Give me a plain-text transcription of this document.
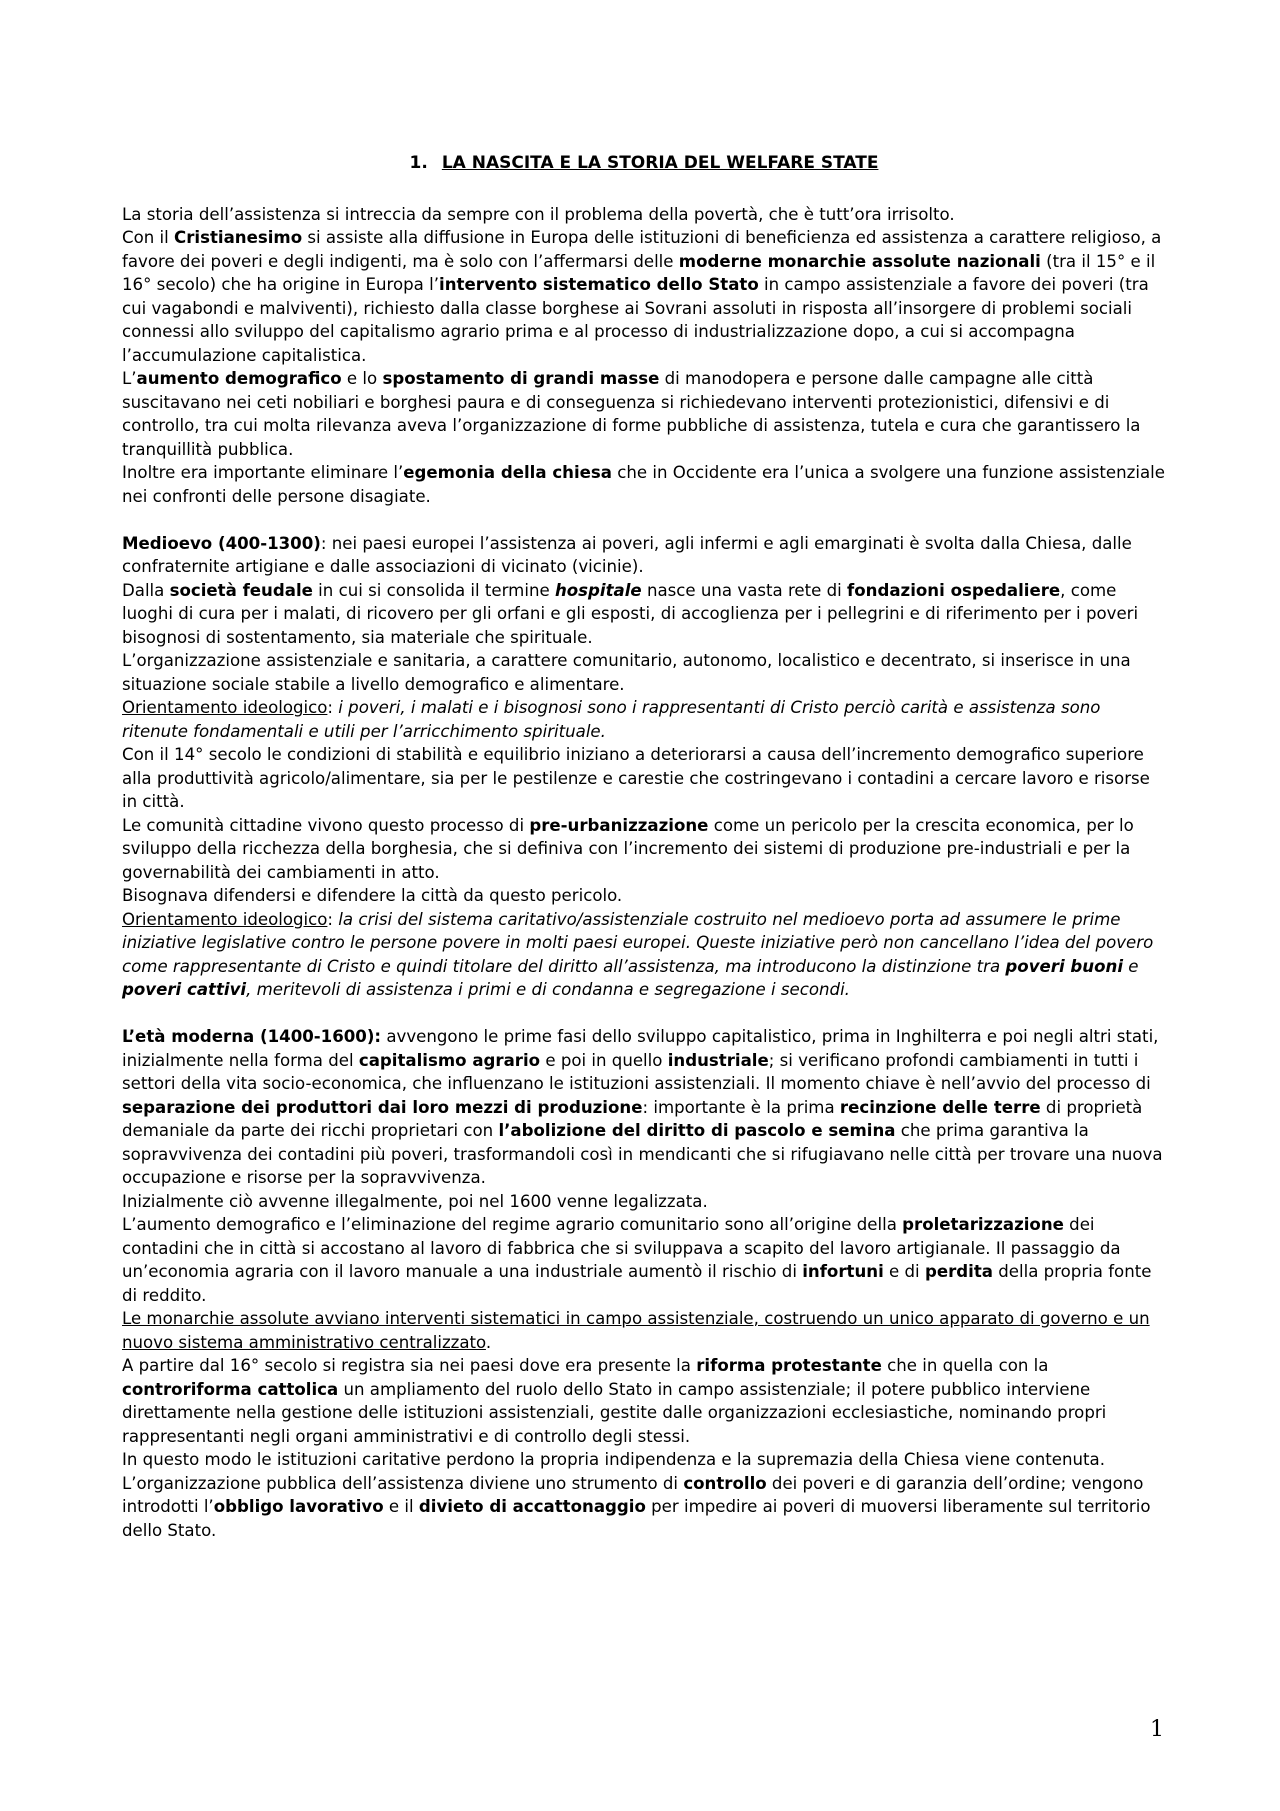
1. LA NASCITA E LA STORIA DEL WELFARE STATE

La storia dell’assistenza si intreccia da sempre con il problema della povertà, che è tutt’ora irrisolto.

Con il Cristianesimo si assiste alla diffusione in Europa delle istituzioni di beneficienza ed assistenza a carattere religioso, a favore dei poveri e degli indigenti, ma è solo con l’affermarsi delle moderne monarchie assolute nazionali (tra il 15° e il 16° secolo) che ha origine in Europa l’intervento sistematico dello Stato in campo assistenziale a favore dei poveri (tra cui vagabondi e malviventi), richiesto dalla classe borghese ai Sovrani assoluti in risposta all’insorgere di problemi sociali connessi allo sviluppo del capitalismo agrario prima e al processo di industrializzazione dopo, a cui si accompagna l’accumulazione capitalistica.

L’aumento demografico e lo spostamento di grandi masse di manodopera e persone dalle campagne alle città suscitavano nei ceti nobiliari e borghesi paura e di conseguenza si richiedevano interventi protezionistici, difensivi e di controllo, tra cui molta rilevanza aveva l’organizzazione di forme pubbliche di assistenza, tutela e cura che garantissero la tranquillità pubblica.

Inoltre era importante eliminare l’egemonia della chiesa che in Occidente era l’unica a svolgere una funzione assistenziale nei confronti delle persone disagiate.

Medioevo (400-1300): nei paesi europei l’assistenza ai poveri, agli infermi e agli emarginati è svolta dalla Chiesa, dalle confraternite artigiane e dalle associazioni di vicinato (vicinie).

Dalla società feudale in cui si consolida il termine hospitale nasce una vasta rete di fondazioni ospedaliere, come luoghi di cura per i malati, di ricovero per gli orfani e gli esposti, di accoglienza per i pellegrini e di riferimento per i poveri bisognosi di sostentamento, sia materiale che spirituale.

L’organizzazione assistenziale e sanitaria, a carattere comunitario, autonomo, localistico e decentrato, si inserisce in una situazione sociale stabile a livello demografico e alimentare.

Orientamento ideologico: i poveri, i malati e i bisognosi sono i rappresentanti di Cristo perciò carità e assistenza sono ritenute fondamentali e utili per l’arricchimento spirituale.

Con il 14° secolo le condizioni di stabilità e equilibrio iniziano a deteriorarsi a causa dell’incremento demografico superiore alla produttività agricolo/alimentare, sia per le pestilenze e carestie che costringevano i contadini a cercare lavoro e risorse in città.

Le comunità cittadine vivono questo processo di pre-urbanizzazione come un pericolo per la crescita economica, per lo sviluppo della ricchezza della borghesia, che si definiva con l’incremento dei sistemi di produzione pre-industriali e per la governabilità dei cambiamenti in atto.

Bisognava difendersi e difendere la città da questo pericolo.

Orientamento ideologico: la crisi del sistema caritativo/assistenziale costruito nel medioevo porta ad assumere le prime iniziative legislative contro le persone povere in molti paesi europei. Queste iniziative però non cancellano l’idea del povero come rappresentante di Cristo e quindi titolare del diritto all’assistenza, ma introducono la distinzione tra poveri buoni e poveri cattivi, meritevoli di assistenza i primi e di condanna e segregazione i secondi.

L’età moderna (1400-1600): avvengono le prime fasi dello sviluppo capitalistico, prima in Inghilterra e poi negli altri stati, inizialmente nella forma del capitalismo agrario e poi in quello industriale; si verificano profondi cambiamenti in tutti i settori della vita socio-economica, che influenzano le istituzioni assistenziali. Il momento chiave è nell’avvio del processo di separazione dei produttori dai loro mezzi di produzione: importante è la prima recinzione delle terre di proprietà demaniale da parte dei ricchi proprietari con l’abolizione del diritto di pascolo e semina che prima garantiva la sopravvivenza dei contadini più poveri, trasformandoli così in mendicanti che si rifugiavano nelle città per trovare una nuova occupazione e risorse per la sopravvivenza.

Inizialmente ciò avvenne illegalmente, poi nel 1600 venne legalizzata.

L’aumento demografico e l’eliminazione del regime agrario comunitario sono all’origine della proletarizzazione dei contadini che in città si accostano al lavoro di fabbrica che si sviluppava a scapito del lavoro artigianale. Il passaggio da un’economia agraria con il lavoro manuale a una industriale aumentò il rischio di infortuni e di perdita della propria fonte di reddito.

Le monarchie assolute avviano interventi sistematici in campo assistenziale, costruendo un unico apparato di governo e un nuovo sistema amministrativo centralizzato.

A partire dal 16° secolo si registra sia nei paesi dove era presente la riforma protestante che in quella con la controriforma cattolica un ampliamento del ruolo dello Stato in campo assistenziale; il potere pubblico interviene direttamente nella gestione delle istituzioni assistenziali, gestite dalle organizzazioni ecclesiastiche, nominando propri rappresentanti negli organi amministrativi e di controllo degli stessi.

In questo modo le istituzioni caritative perdono la propria indipendenza e la supremazia della Chiesa viene contenuta.

L’organizzazione pubblica dell’assistenza diviene uno strumento di controllo dei poveri e di garanzia dell’ordine; vengono introdotti l’obbligo lavorativo e il divieto di accattonaggio per impedire ai poveri di muoversi liberamente sul territorio dello Stato.

1
